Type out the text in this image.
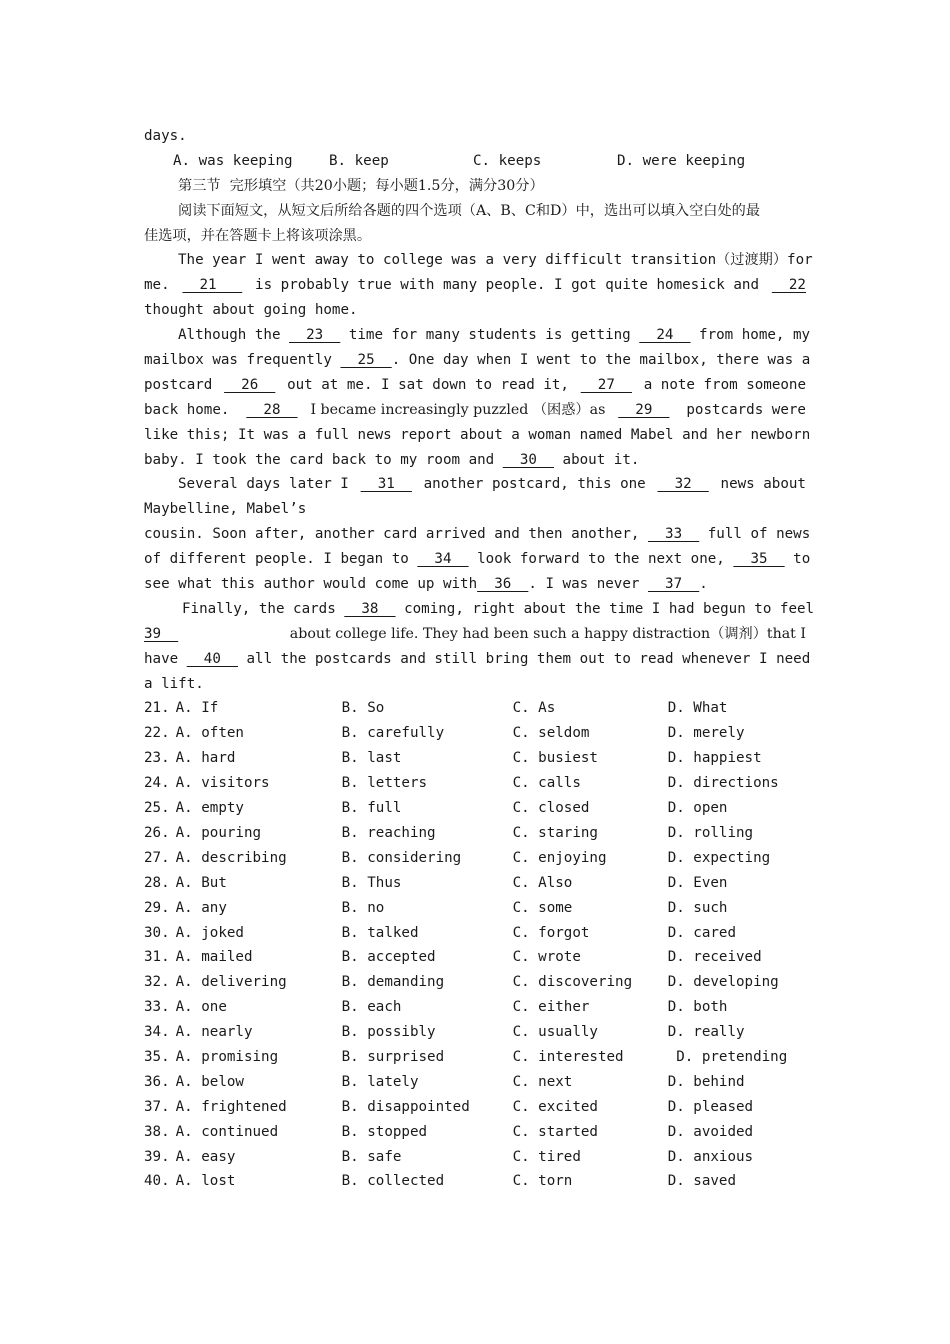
days.
A. was keeping	B. keep	C. keeps	D. were keeping
第三节  完形填空（共20小题；每小题1.5分，满分30分）
阅读下面短文，从短文后所给各题的四个选项（A、B、C和D）中，选出可以填入空白处的最
佳选项，并在答题卡上将该项涂黑。
The year I went away to college was a very difficult transition（过渡期）for
me. 21 is probably true with many people. I got quite homesick and 22
thought about going home.
Although the 23 time for many students is getting 24 from home, my
mailbox was frequently 25 . One day when I went to the mailbox, there was a
postcard 26 out at me. I sat down to read it, 27 a note from someone
back home. 28 I became increasingly puzzled （困惑）as 29 postcards were
like this; It was a full news report about a woman named Mabel and her newborn
baby. I took the card back to my room and   30   about it.
Several days later I 31 another postcard, this one 32 news about
Maybelline, Mabel’s
cousin. Soon after, another card arrived and then another, 33 full of news
of different people. I began to 34 look forward to the next one, 35 to
see what this author would come up with  36  . I was never   37  .
Finally, the cards 38 coming, right about the time I had begun to feel
39	about college life. They had been such a happy distraction（调剂）that I
have 40 all the postcards and still bring them out to read whenever I need
a lift.
21. A. If	B. So	C. As	D. What
22. A. often	B. carefully	C. seldom	D. merely
23. A. hard	B. last	C. busiest	D. happiest
24. A. visitors	B. letters	C. calls	D. directions
25. A. empty	B. full	C. closed	D. open
26. A. pouring	B. reaching	C. staring	D. rolling
27. A. describing	B. considering	C. enjoying	D. expecting
28. A. But	B. Thus	C. Also	D. Even
29. A. any	B. no	C. some	D. such
30. A. joked	B. talked	C. forgot	D. cared
31. A. mailed	B. accepted	C. wrote	D. received
32. A. delivering	B. demanding	C. discovering	D. developing
33. A. one	B. each	C. either	D. both
34. A. nearly	B. possibly	C. usually	D. really
35. A. promising	B. surprised	C. interested	D. pretending
36. A. below	B. lately	C. next	D. behind
37. A. frightened	B. disappointed	C. excited	D. pleased
38. A. continued	B. stopped	C. started	D. avoided
39. A. easy	B. safe	C. tired	D. anxious
40. A. lost	B. collected	C. torn	D. saved
